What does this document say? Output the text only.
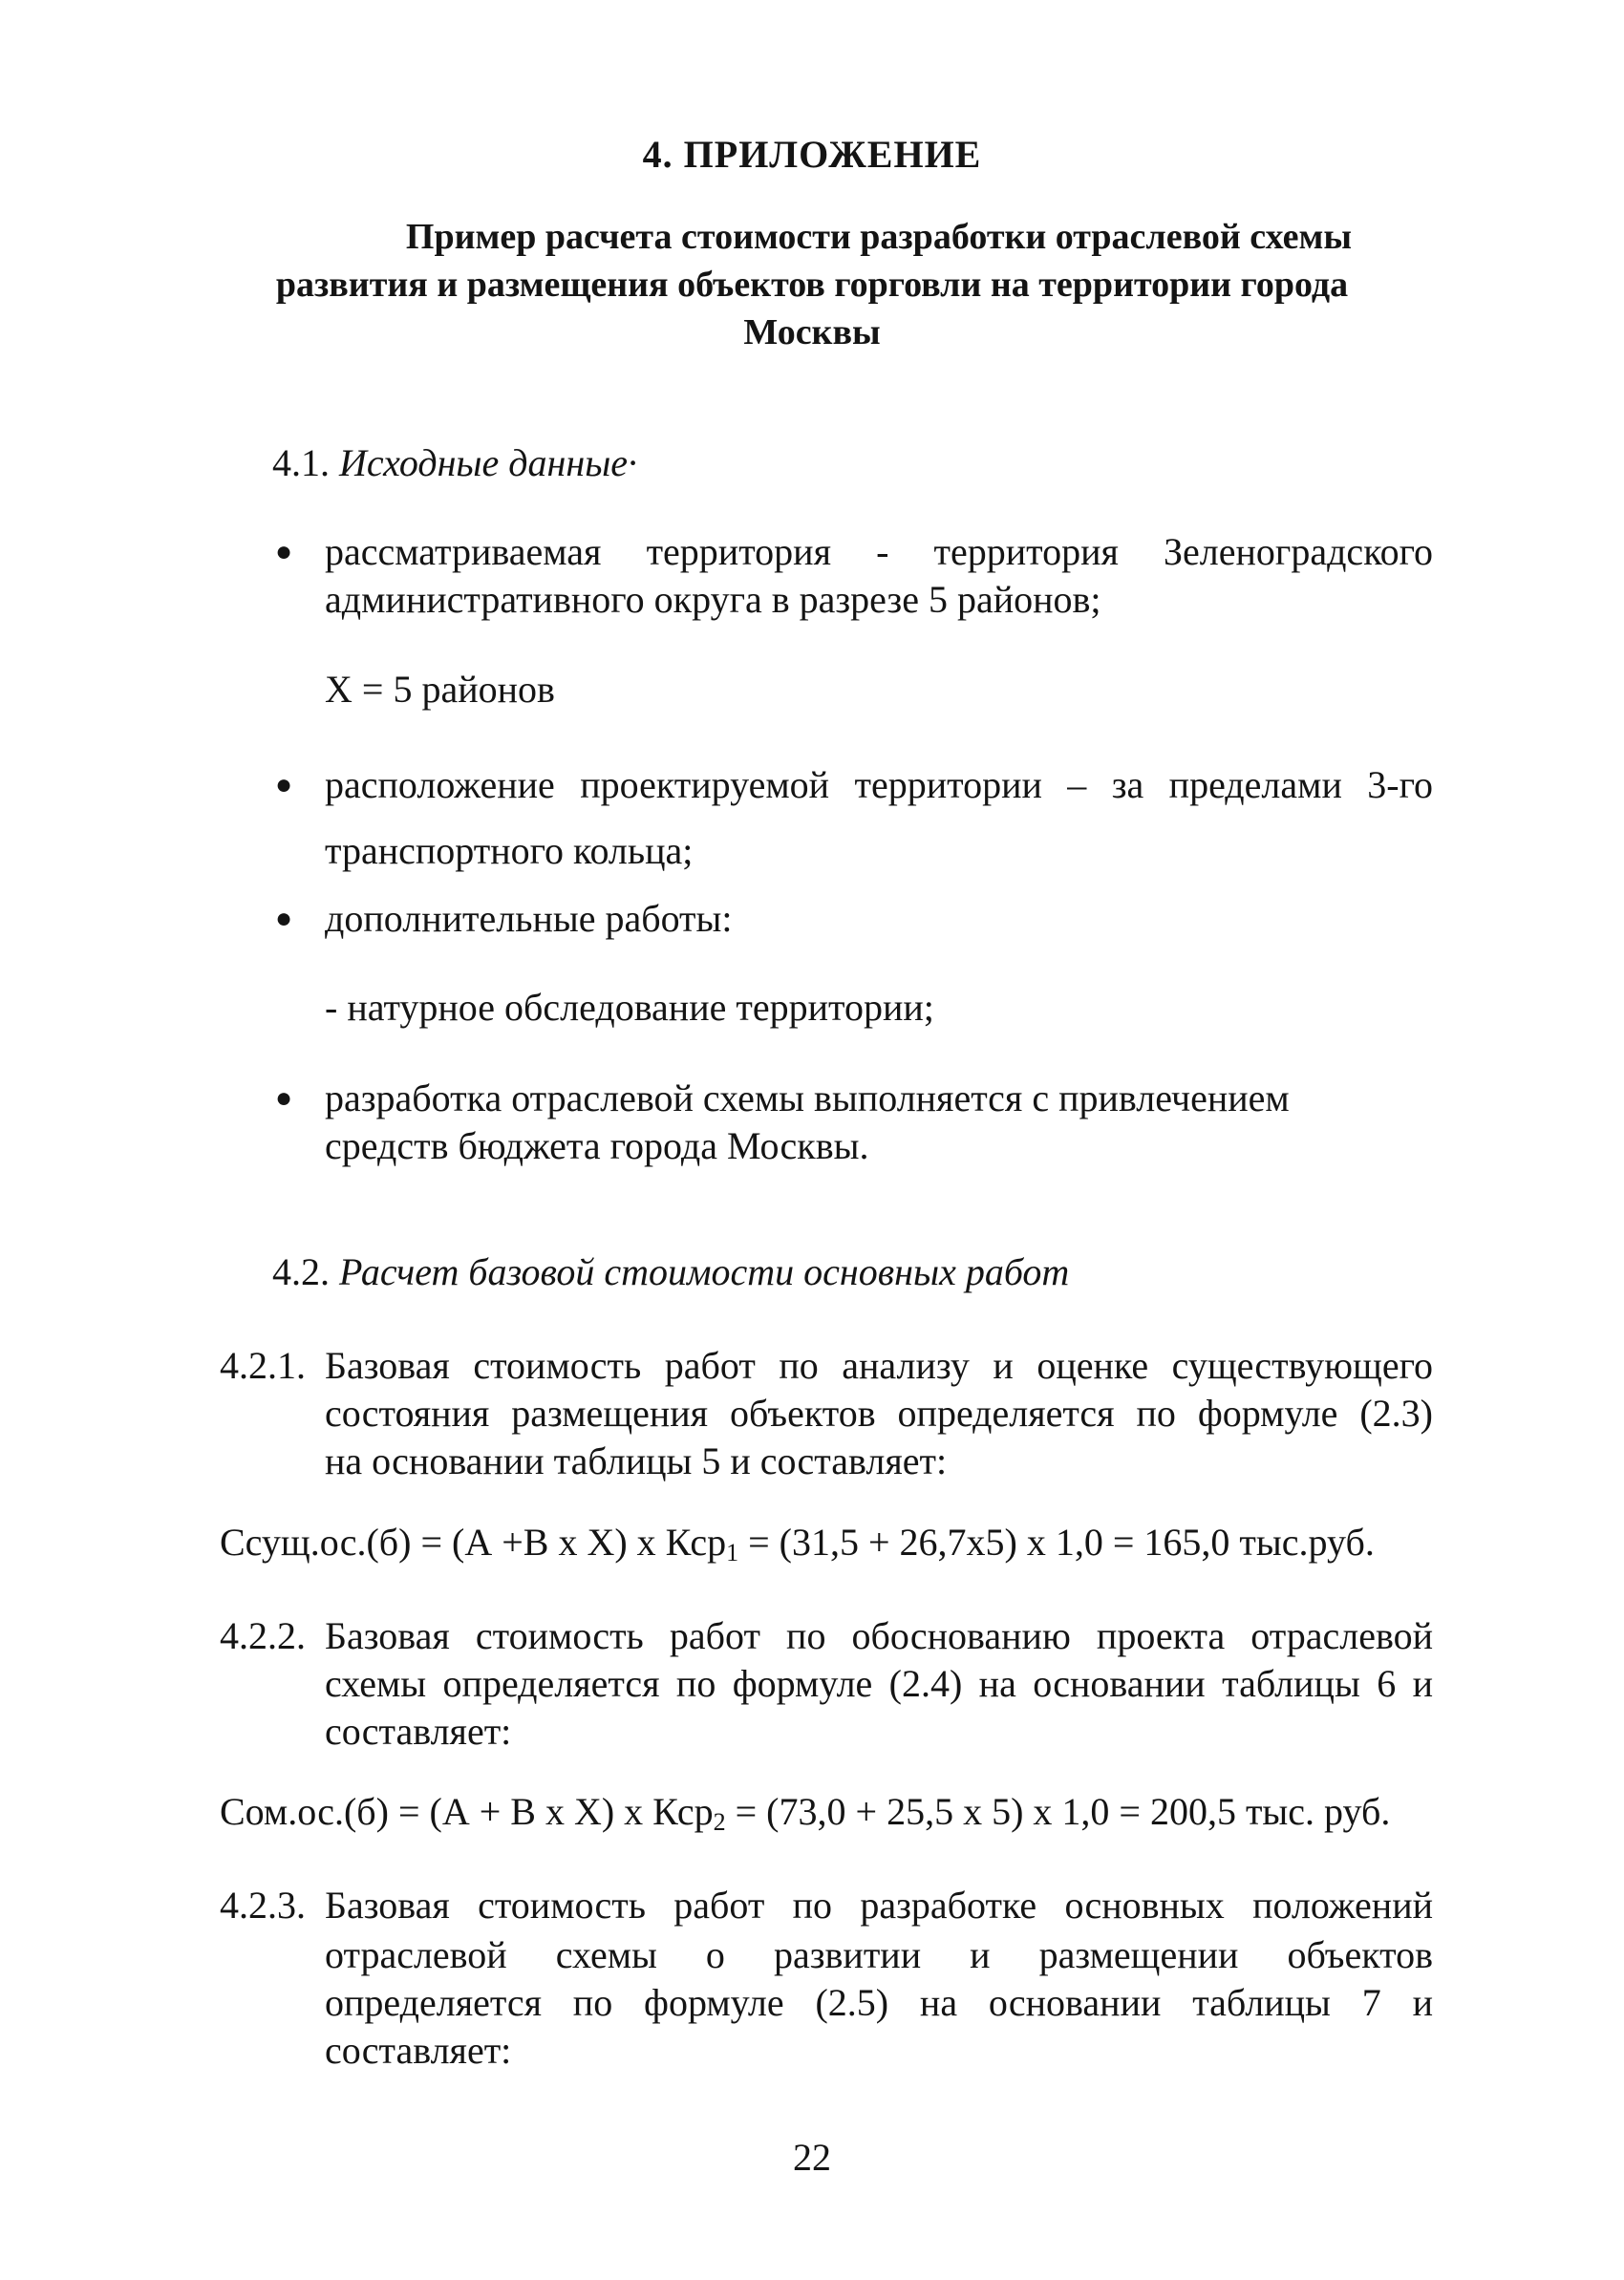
4. ПРИЛОЖЕНИЕ
Пример расчета стоимости разработки отраслевой схемы
развития и размещения объектов горговли на территории города
Москвы
4.1. Исходные данные·
● рассматриваемая территория - территория Зеленоградского
административного округа в разрезе 5 районов;
X = 5 районов
● расположение проектируемой территории – за пределами 3-го
транспортного кольца;
● дополнительные работы:
- натурное обследование территории;
● разработка отраслевой схемы выполняется с привлечением
средств бюджета города Москвы.
4.2. Расчет базовой стоимости основных работ
4.2.1. Базовая стоимость работ по анализу и оценке существующего
состояния размещения объектов определяется по формуле (2.3)
на основании таблицы 5 и составляет:
Cсущ.ос.(б) = (А +В x X) x Кср1 = (31,5 + 26,7х5) x 1,0 = 165,0 тыс.руб.
4.2.2. Базовая стоимость работ по обоснованию проекта отраслевой
схемы определяется по формуле (2.4) на основании таблицы 6 и
составляет:
Cом.ос.(б) = (А + В x X) x Кср2 = (73,0 + 25,5 x 5) x 1,0 = 200,5 тыс. руб.
4.2.3. Базовая стоимость работ по разработке основных положений
отраслевой схемы о развитии и размещении объектов
определяется по формуле (2.5) на основании таблицы 7 и
составляет:
22
